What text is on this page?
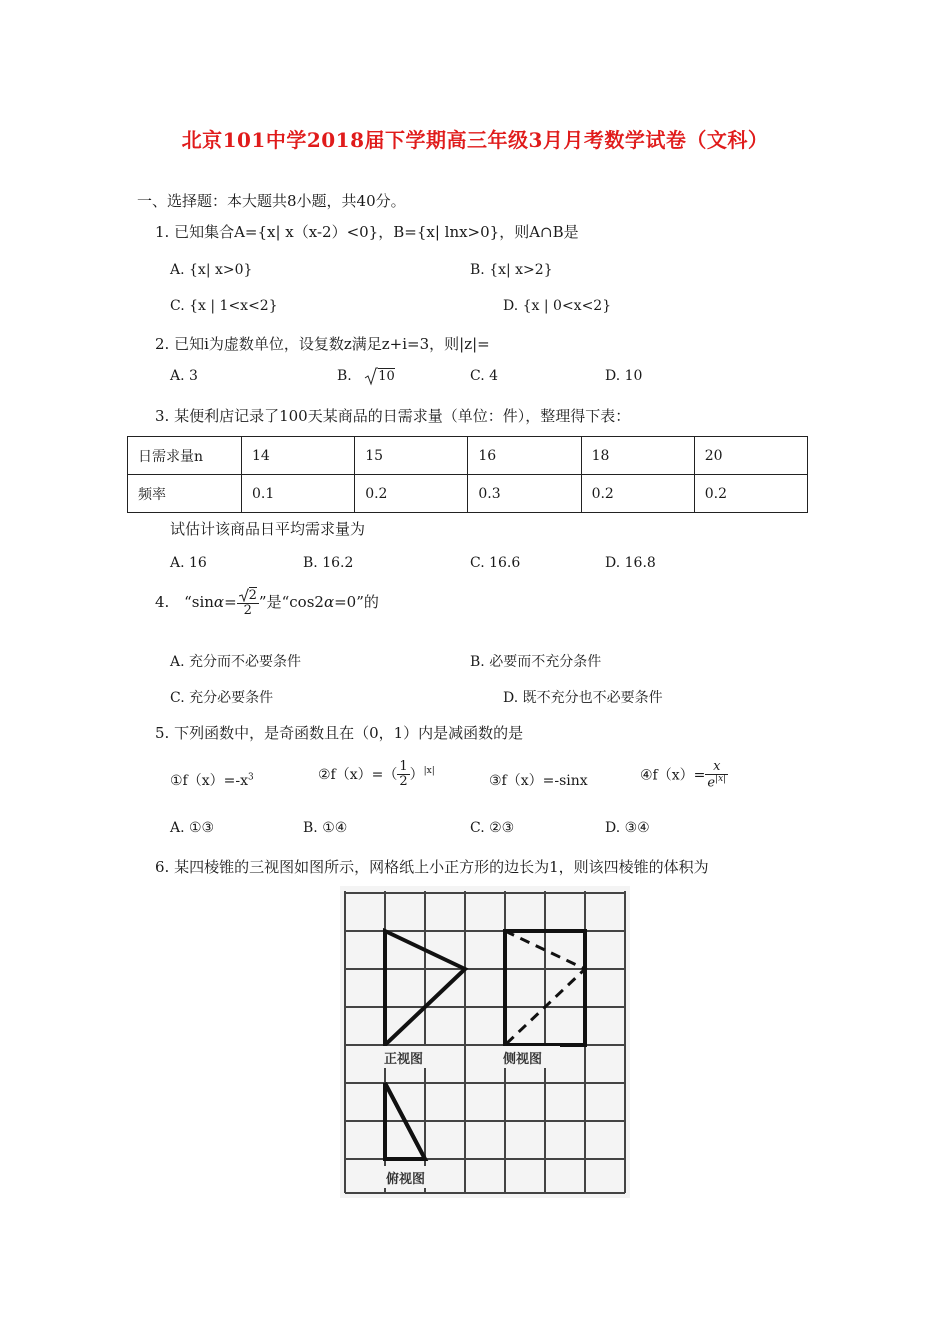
北京101中学2018届下学期高三年级3月月考数学试卷（文科）
一、选择题：本大题共8小题，共40分。
1. 已知集合A={x| x（x-2）<0}，B={x| lnx>0}，则A∩B是
A. {x| x>0}	B. {x| x>2}
C. {x | 1<x<2}	D. {x | 0<x<2}
2. 已知i为虚数单位，设复数z满足z+i=3，则|z|=
A. 3	B. 10	C. 4	D. 10
3. 某便利店记录了100天某商品的日需求量（单位：件），整理得下表：
日需求量n	14	15	16	18	20
频率	0.1	0.2	0.3	0.2	0.2
试估计该商品日平均需求量为
A. 16	B. 16.2	C. 16.6	D. 16.8
4. “$\sin\alpha= \frac{2}{2}$ ”是“cos2α=0”的
A. 充分而不必要条件	B. 必要而不充分条件
C. 充分必要条件	D. 既不充分也不必要条件
5. 下列函数中，是奇函数且在（0，1）内是减函数的是
$①f(x)=-x^3$	②f（x）=（ $\frac{1}{2} )^{|x|}$
③f（x）=-sinx	④f（x）= $\frac{x}{e^{|x|}}$
A. ①③	B. ①④	C. ②③	D. ③④
6. 某四棱锥的三视图如图所示，网格纸上小正方形的边长为1，则该四棱锥的体积为
正视图	侧视图
俯视图
